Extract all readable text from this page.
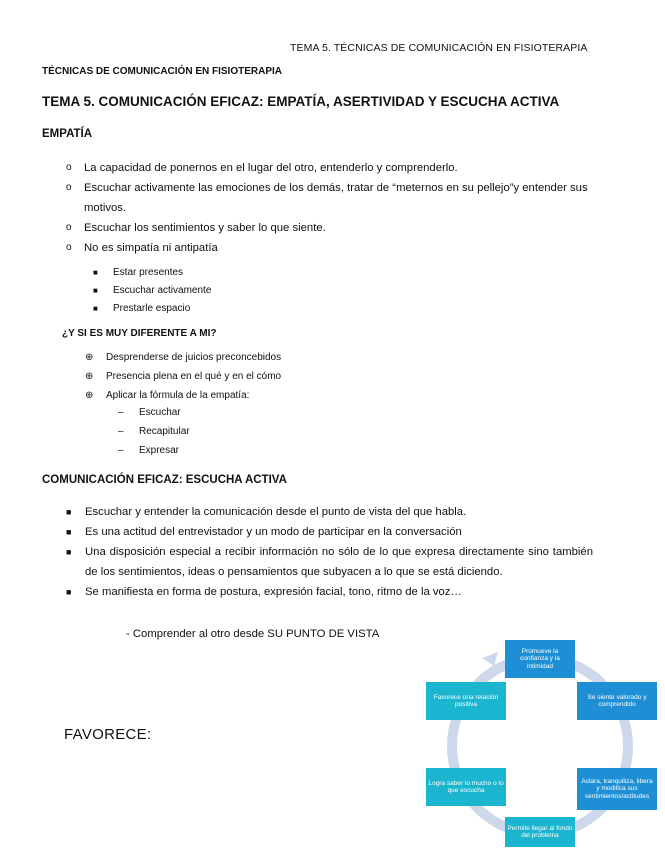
TEMA 5. TÉCNICAS DE COMUNICACIÓN EN FISIOTERAPIA
TÉCNICAS DE COMUNICACIÓN EN FISIOTERAPIA
TEMA 5. COMUNICACIÓN EFICAZ: EMPATÍA, ASERTIVIDAD Y ESCUCHA ACTIVA
EMPATÍA
o La capacidad de ponernos en el lugar del otro, entenderlo y comprenderlo.
o Escuchar activamente las emociones de los demás, tratar de “meternos en su pellejo”y entender sus motivos.
o Escuchar los sentimientos y saber lo que siente.
o No es simpatía ni antipatía
■ Estar presentes
■ Escuchar activamente
■ Prestarle espacio
¿Y SI ES MUY DIFERENTE A MI?
⊕ Desprenderse de juicios preconcebidos
⊕ Presencia plena en el qué y en el cómo
⊕ Aplicar la fórmula de la empatía:
– Escuchar
– Recapitular
– Expresar
COMUNICACIÓN EFICAZ: ESCUCHA ACTIVA
■ Escuchar y entender la comunicación desde el punto de vista del que habla.
■ Es una actitud del entrevistador y un modo de participar en la conversación
■ Una disposición especial a recibir información no sólo de lo que expresa directamente sino también de los sentimientos, ideas o pensamientos que subyacen a lo que se está diciendo.
■ Se manifiesta en forma de postura, expresión facial, tono, ritmo de la voz…
- Comprender al otro desde SU PUNTO DE VISTA
FAVORECE:
Promueve la confianza y la intimidad
Se siente valorado y comprendido
Aclara, tranquiliza, libera y modifica sus sentimientos/actitudes
Permite llegar al fondo del problema
Logra saber lo mucho o lo que escucha
Favorece una relación positiva
